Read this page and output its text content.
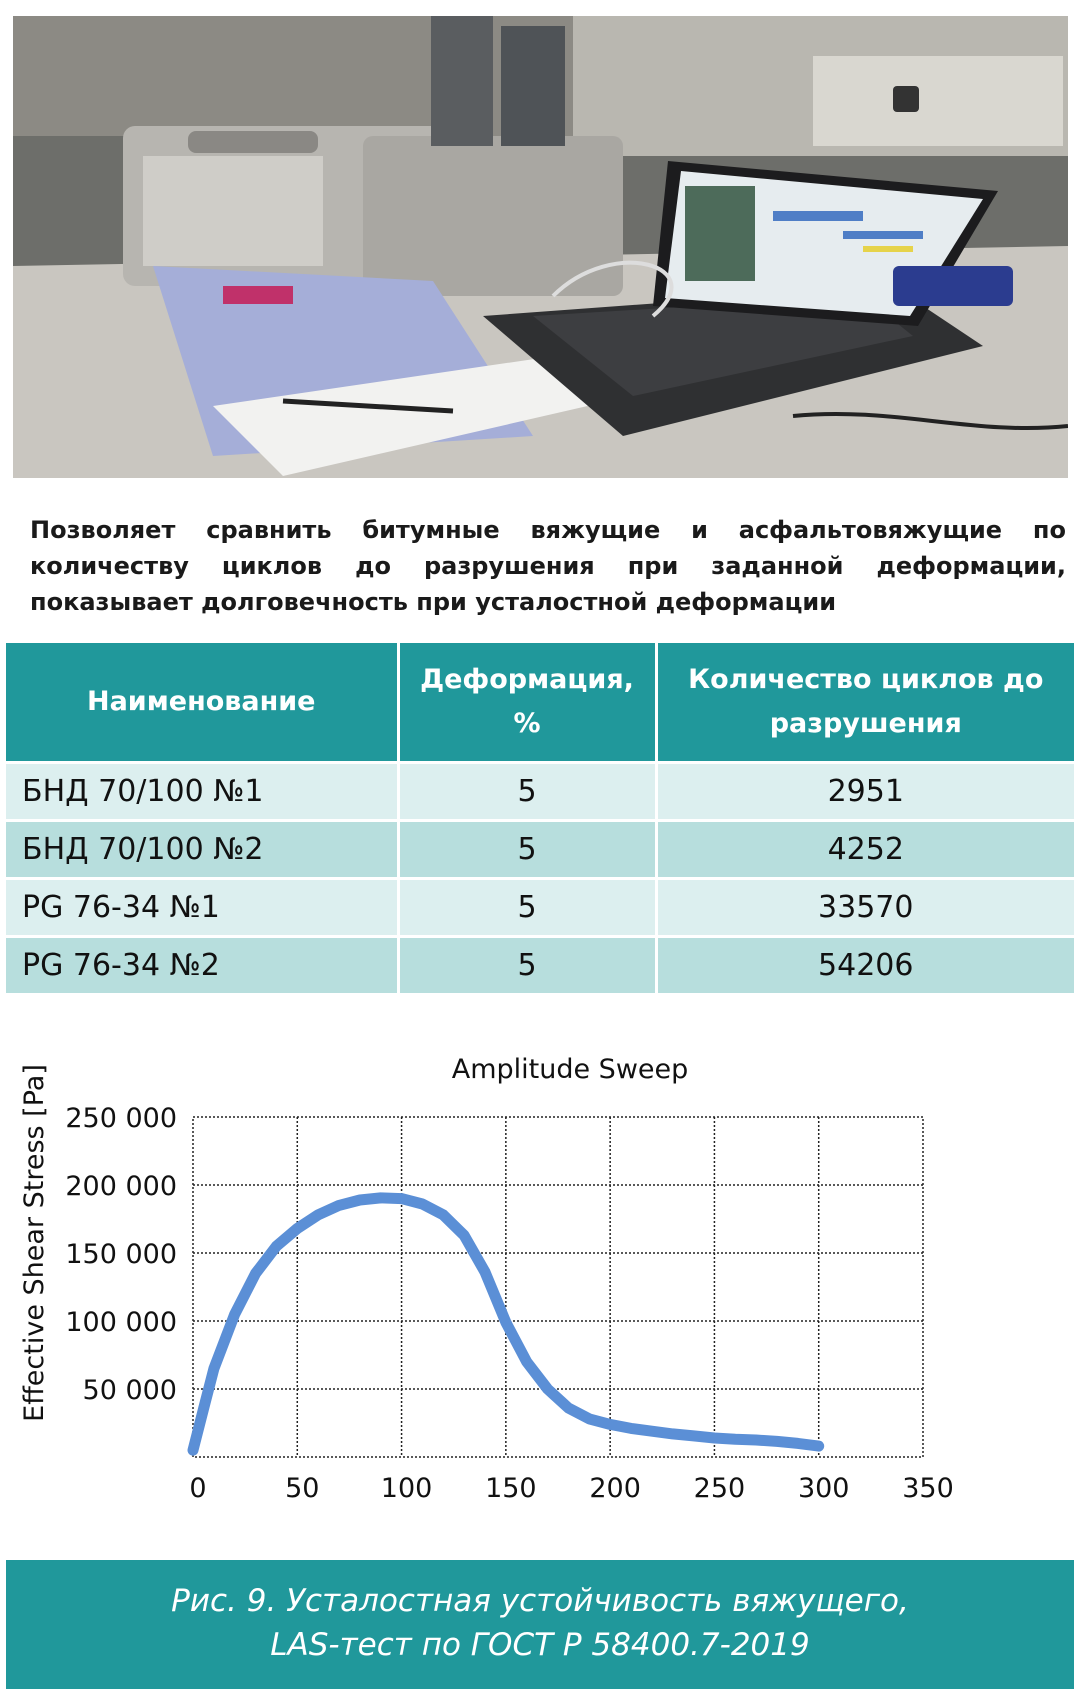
Позволяет сравнить битумные вяжущие и асфальтовяжущие по количеству циклов до разрушения при заданной деформации, показывает долговечность при усталостной деформации
Наименование	Деформация, %	Количество циклов до разрушения
БНД 70/100 №1	5	2951
БНД 70/100 №2	5	4252
PG 76-34 №1	5	33570
PG 76-34 №2	5	54206
Amplitude Sweep
Effective Shear Stress [Pa]
0	50 100 150 200 250 300 350
50 000
100 000
150 000
200 000
250 000
Рис. 9. Усталостная устойчивость вяжущего,
LAS-тест по ГОСТ Р 58400.7-2019
